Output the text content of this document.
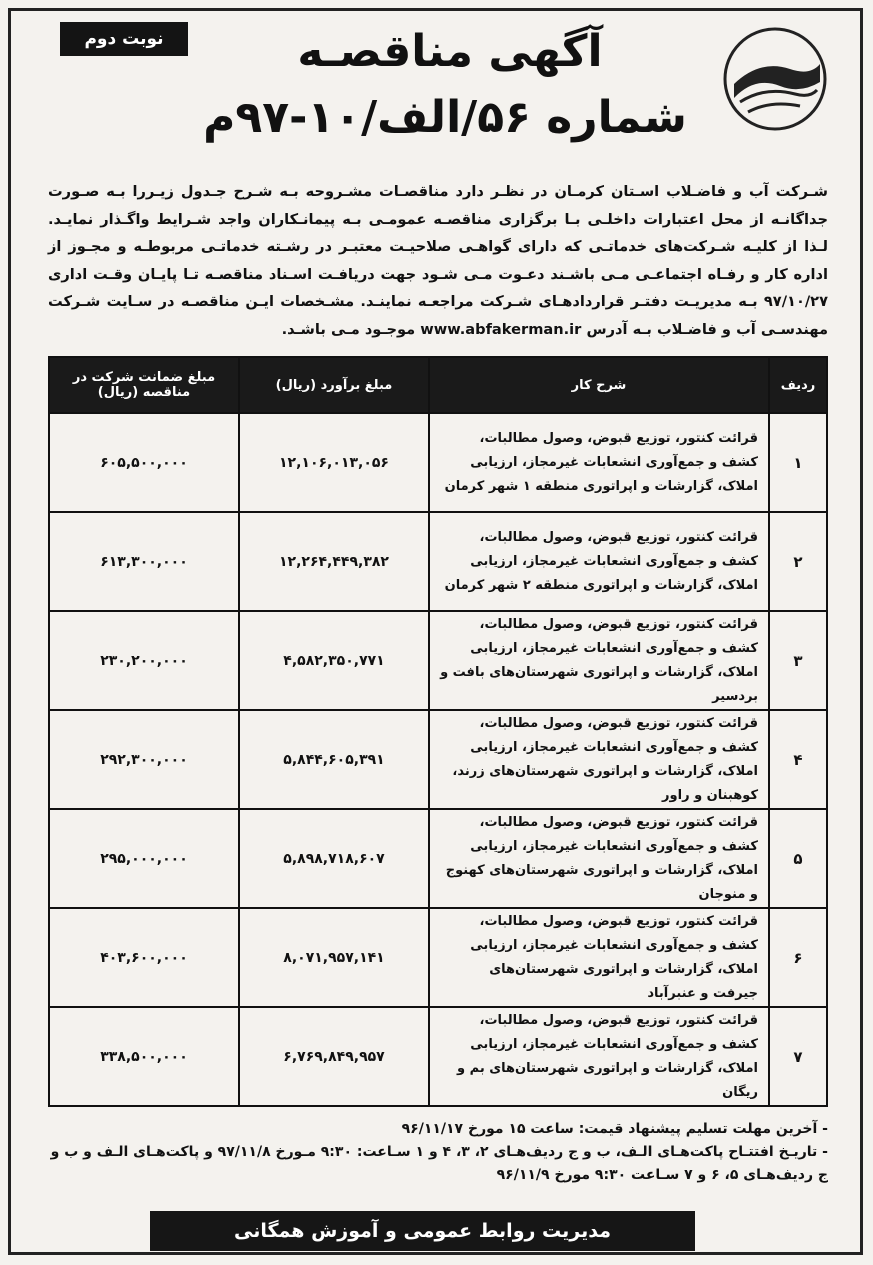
نوبت دوم	آگهی مناقصـه
شماره ۵۶/الف/۱۰-۹۷م
شـرکت آب و فاضـلاب اسـتان کرمـان در نظـر دارد مناقصـات مشـروحه بـه شـرح جـدول زیـررا بـه صـورت جداگانـه از محل اعتبارات داخلـی بـا برگزاری مناقصـه عمومـی بـه پیمانـکاران واجد شـرایط واگـذار نمایـد. لـذا از کلیـه شـرکت‌های خدماتـی که دارای گواهـی صلاحیـت معتبـر در رشـته خدماتـی مربوطـه و مجـوز از اداره کار و رفـاه اجتماعـی مـی باشـند دعـوت مـی شـود جهت دریافـت اسـناد مناقصـه تـا پایـان وقـت اداری ۹۷/۱۰/۲۷ بـه مدیریـت دفتـر قراردادهـای شـرکت مراجعـه نماینـد. مشـخصات ایـن مناقصـه در سـایت شـرکت مهندسـی آب و فاضـلاب بـه آدرس www.abfakerman.ir موجـود مـی باشـد.
ردیف	شرح کار	مبلغ برآورد (ریال)	مبلغ ضمانت شرکت در مناقصه (ریال)
۱	قرائت کنتور، توزیع قبوض، وصول مطالبات، کشف و جمع‌آوری انشعابات غیرمجاز، ارزیابی املاک، گزارشات و اپراتوری منطقه ۱ شهر کرمان	۱۲,۱۰۶,۰۱۳,۰۵۶	۶۰۵,۵۰۰,۰۰۰
۲	قرائت کنتور، توزیع قبوض، وصول مطالبات، کشف و جمع‌آوری انشعابات غیرمجاز، ارزیابی املاک، گزارشات و اپراتوری منطقه ۲ شهر کرمان	۱۲,۲۶۴,۴۴۹,۳۸۲	۶۱۳,۳۰۰,۰۰۰
۳	قرائت کنتور، توزیع قبوض، وصول مطالبات، کشف و جمع‌آوری انشعابات غیرمجاز، ارزیابی املاک، گزارشات و اپراتوری شهرستان‌های بافت و بردسیر	۴,۵۸۲,۳۵۰,۷۷۱	۲۳۰,۲۰۰,۰۰۰
۴	قرائت کنتور، توزیع قبوض، وصول مطالبات، کشف و جمع‌آوری انشعابات غیرمجاز، ارزیابی املاک، گزارشات و اپراتوری شهرستان‌های زرند، کوهبنان و راور	۵,۸۴۴,۶۰۵,۳۹۱	۲۹۲,۳۰۰,۰۰۰
۵	قرائت کنتور، توزیع قبوض، وصول مطالبات، کشف و جمع‌آوری انشعابات غیرمجاز، ارزیابی املاک، گزارشات و اپراتوری شهرستان‌های کهنوج و منوجان	۵,۸۹۸,۷۱۸,۶۰۷	۲۹۵,۰۰۰,۰۰۰
۶	قرائت کنتور، توزیع قبوض، وصول مطالبات، کشف و جمع‌آوری انشعابات غیرمجاز، ارزیابی املاک، گزارشات و اپراتوری شهرستان‌های جیرفت و عنبرآباد	۸,۰۷۱,۹۵۷,۱۴۱	۴۰۳,۶۰۰,۰۰۰
۷	قرائت کنتور، توزیع قبوض، وصول مطالبات، کشف و جمع‌آوری انشعابات غیرمجاز، ارزیابی املاک، گزارشات و اپراتوری شهرستان‌های بم و ریگان	۶,۷۶۹,۸۴۹,۹۵۷	۳۳۸,۵۰۰,۰۰۰
- آخرین مهلت تسلیم پیشنهاد قیمت: ساعت ۱۵ مورخ ۹۶/۱۱/۱۷
- تاریـخ افتتـاح پاکت‌هـای الـف، ب و ج ردیف‌هـای ۲، ۳، ۴ و ۱ سـاعت: ۹:۳۰ مـورخ ۹۷/۱۱/۸ و پاکت‌هـای الـف و ب و ج ردیف‌هـای ۵، ۶ و ۷ سـاعت ۹:۳۰ مورخ ۹۶/۱۱/۹
مدیریت روابط عمومی و آموزش همگانی
